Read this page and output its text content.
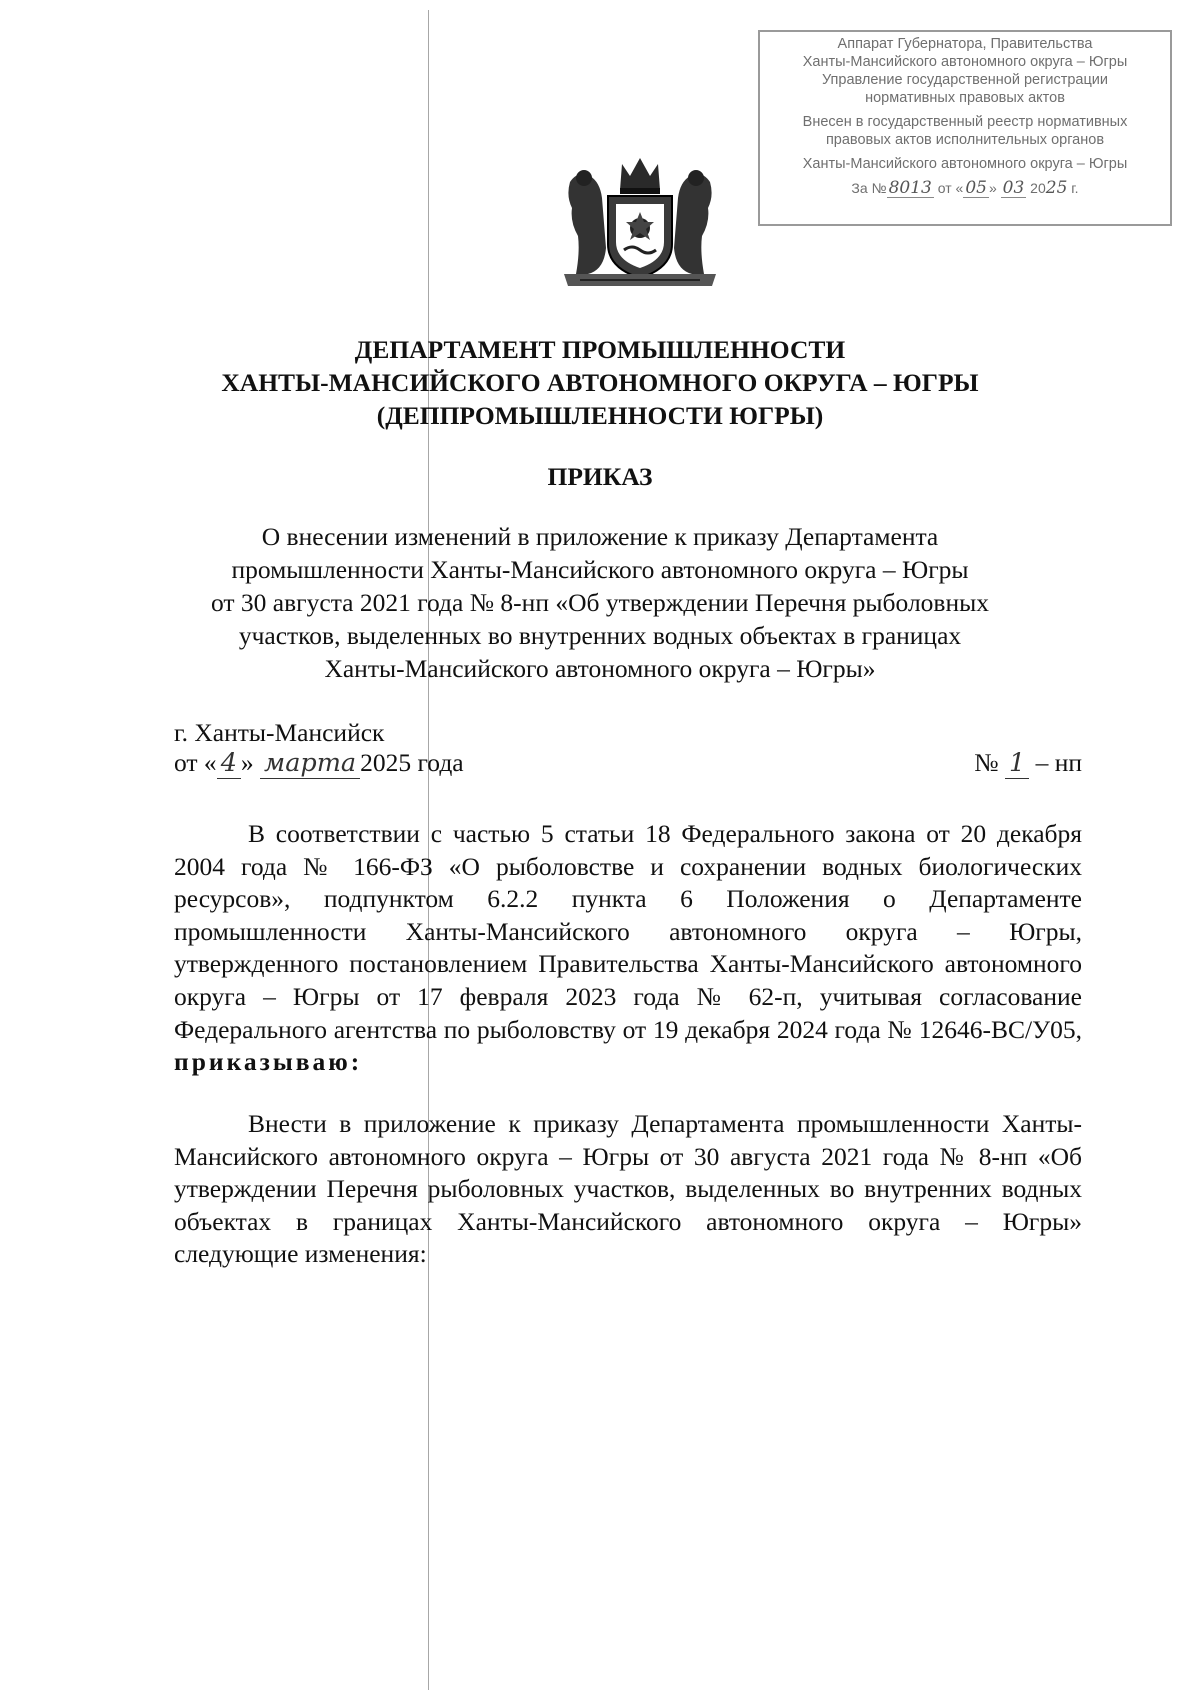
Аппарат Губернатора, Правительства
Ханты-Мансийского автономного округа – Югры
Управление государственной регистрации
нормативных правовых актов
Внесен в государственный реестр нормативных
правовых актов исполнительных органов
Ханты-Мансийского автономного округа – Югры
За № 8013 от « 05 » 03 2025 г.
ДЕПАРТАМЕНТ ПРОМЫШЛЕННОСТИ
ХАНТЫ-МАНСИЙСКОГО АВТОНОМНОГО ОКРУГА – ЮГРЫ
(ДЕППРОМЫШЛЕННОСТИ ЮГРЫ)
ПРИКАЗ
О внесении изменений в приложение к приказу Департамента
промышленности Ханты-Мансийского автономного округа – Югры
от 30 августа 2021 года № 8-нп «Об утверждении Перечня рыболовных
участков, выделенных во внутренних водных объектах в границах
Ханты-Мансийского автономного округа – Югры»
г. Ханты-Мансийск
от « 4 » марта 2025 года	№ 1 – нп

В соответствии с частью 5 статьи 18 Федерального закона от 20 декабря 2004 года № 166-ФЗ «О рыболовстве и сохранении водных биологических ресурсов», подпунктом 6.2.2 пункта 6 Положения о Департаменте промышленности Ханты-Мансийского автономного округа – Югры, утвержденного постановлением Правительства Ханты-Мансийского автономного округа – Югры от 17 февраля 2023 года № 62-п, учитывая согласование Федерального агентства по рыболовству от 19 декабря 2024 года № 12646-ВС/У05, приказываю:

Внести в приложение к приказу Департамента промышленности Ханты-Мансийского автономного округа – Югры от 30 августа 2021 года № 8-нп «Об утверждении Перечня рыболовных участков, выделенных во внутренних водных объектах в границах Ханты-Мансийского автономного округа – Югры» следующие изменения:
